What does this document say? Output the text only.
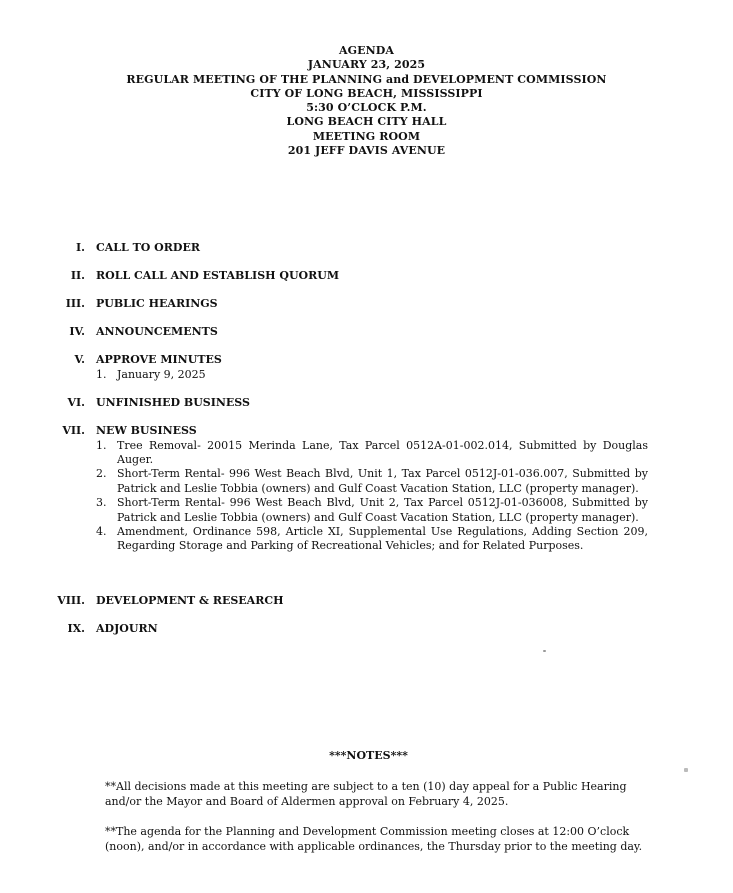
AGENDA
JANUARY 23, 2025
REGULAR MEETING OF THE PLANNING and DEVELOPMENT COMMISSION
CITY OF LONG BEACH, MISSISSIPPI
5:30 O’CLOCK P.M.
LONG BEACH CITY HALL
MEETING ROOM
201 JEFF DAVIS AVENUE
I. CALL TO ORDER
II. ROLL CALL AND ESTABLISH QUORUM
III. PUBLIC HEARINGS
IV. ANNOUNCEMENTS
V. APPROVE MINUTES
1. January 9, 2025
VI. UNFINISHED BUSINESS
VII. NEW BUSINESS
1. Tree Removal- 20015 Merinda Lane, Tax Parcel 0512A-01-002.014, Submitted by Douglas Auger.
2. Short-Term Rental- 996 West Beach Blvd, Unit 1, Tax Parcel 0512J-01-036.007, Submitted by Patrick and Leslie Tobbia (owners) and Gulf Coast Vacation Station, LLC (property manager).
3. Short-Term Rental- 996 West Beach Blvd, Unit 2, Tax Parcel 0512J-01-036008, Submitted by Patrick and Leslie Tobbia (owners) and Gulf Coast Vacation Station, LLC (property manager).
4. Amendment, Ordinance 598, Article XI, Supplemental Use Regulations, Adding Section 209, Regarding Storage and Parking of Recreational Vehicles; and for Related Purposes.
VIII. DEVELOPMENT & RESEARCH
IX. ADJOURN
***NOTES***
**All decisions made at this meeting are subject to a ten (10) day appeal for a Public Hearing and/or the Mayor and Board of Aldermen approval on February 4, 2025.
**The agenda for the Planning and Development Commission meeting closes at 12:00 O’clock (noon), and/or in accordance with applicable ordinances, the Thursday prior to the meeting day.
